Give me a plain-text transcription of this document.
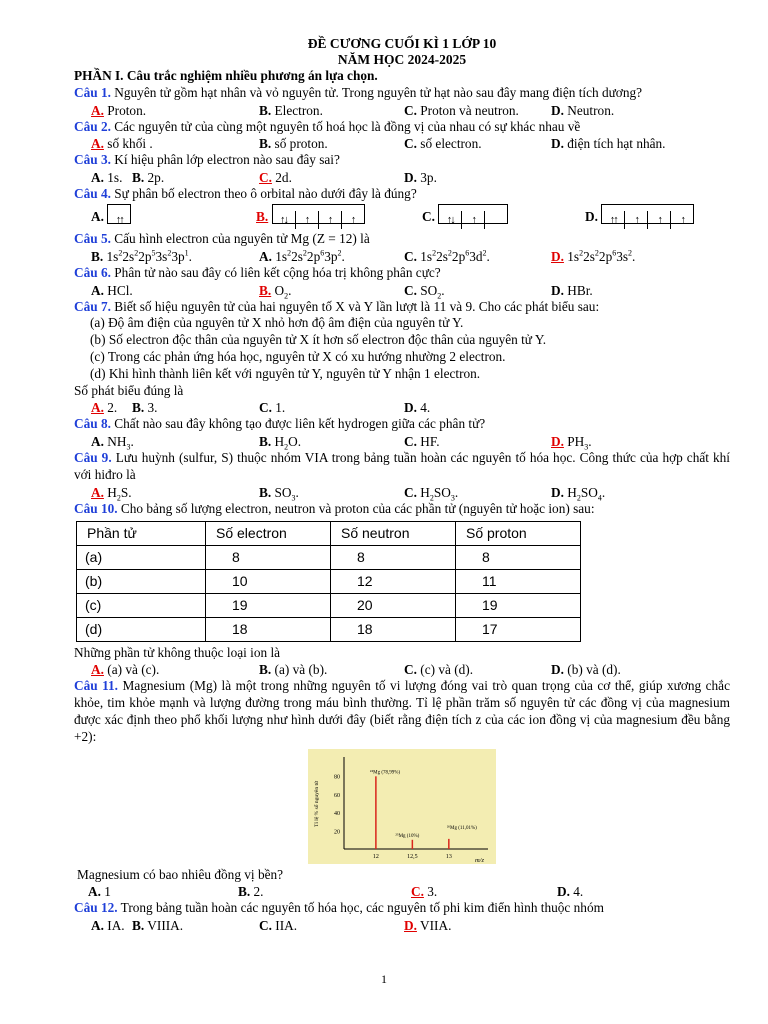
ĐỀ CƯƠNG CUỐI KÌ 1 LỚP 10
NĂM HỌC 2024-2025
PHẦN I. Câu trắc nghiệm nhiều phương án lựa chọn.
Câu 1. Nguyên tử gồm hạt nhân và vỏ nguyên tử. Trong nguyên tử hạt nào sau đây mang điện tích dương?
A. Proton.	B. Electron.	C. Proton và neutron. D. Neutron.
Câu 2. Các nguyên tử của cùng một nguyên tố hoá học là đồng vị của nhau có sự khác nhau về
A. số khối .	B. số proton.	C. số electron.	D. điện tích hạt nhân.
Câu 3. Kí hiệu phân lớp electron nào sau đây sai?
A. 1s. B. 2p.	C. 2d.	D. 3p.
Câu 4. Sự phân bố electron theo ô orbital nào dưới đây là đúng?
A. ↑↑	B. ↑↓ ↑ ↑ ↑	C. ↑↓ ↑	D. ↑↑ ↑ ↑ ↑
Câu 5. Cấu hình electron của nguyên tử Mg (Z = 12) là
B. $1s^22s^22p^53s^23p^1$.	A. $1s^22s^22p^63p^2$.	C. $1s^22s^22p^63d^2$.	D. $1s^22s^22p^63s^2$.
Câu 6. Phân tử nào sau đây có liên kết cộng hóa trị không phân cực?
A. HCl.	B. $O_2$.	C. $SO_2$.	D. HBr.
Câu 7. Biết số hiệu nguyên tử của hai nguyên tố X và Y lần lượt là 11 và 9. Cho các phát biểu sau:
(a) Độ âm điện của nguyên tử X nhỏ hơn độ âm điện của nguyên tử Y.
(b) Số electron độc thân của nguyên tử X ít hơn số electron độc thân của nguyên tử Y.
(c) Trong các phản ứng hóa học, nguyên tử X có xu hướng nhường 2 electron.
(d) Khi hình thành liên kết với nguyên tử Y, nguyên tử Y nhận 1 electron.
Số phát biểu đúng là
A. 2. B. 3.	C. 1.	D. 4.
Câu 8. Chất nào sau đây không tạo được liên kết hydrogen giữa các phân tử?
A. $NH_3$.	B. $H_2O$.	C. HF.	D. $PH_3$.
Câu 9. Lưu huỳnh (sulfur, S) thuộc nhóm VIA trong bảng tuần hoàn các nguyên tố hóa học. Công thức của hợp chất khí với hiđro là
A. $H_2S$.	B. $SO_3$.	C. $H_2SO_3$.	D. $H_2SO_4$.
Câu 10. Cho bảng số lượng electron, neutron và proton của các phần tử (nguyên tử hoặc ion) sau:
Phần tử	Số electron	Số neutron	Số proton
(a)	8	8	8
(b)	10	12	11
(c)	19	20	19
(d)	18	18	17
Những phần tử không thuộc loại ion là
A. (a) và (c).	B. (a) và (b).	C. (c) và (d).	D. (b) và (d).
Câu 11. Magnesium (Mg) là một trong những nguyên tố vi lượng đóng vai trò quan trọng của cơ thể, giúp xương chắc khỏe, tim khỏe mạnh và lượng đường trong máu bình thường. Tỉ lệ phần trăm số nguyên tử các đồng vị của magnesium được xác định theo phổ khối lượng như hình dưới đây (biết rằng điện tích z của các ion đồng vị của magnesium đều bằng +2):
20
40
60
80
Tỉ lệ % số nguyên tử
12	12,5	13
²⁴Mg (78,99%)
²⁵Mg (10%)
²⁶Mg (11,01%)
m/z
Magnesium có bao nhiêu đồng vị bền?
A. 1	B. 2.	C. 3.	D. 4.
Câu 12. Trong bảng tuần hoàn các nguyên tố hóa học, các nguyên tố phi kim điển hình thuộc nhóm
A. IA. B. VIIIA.	C. IIA.	D. VIIA.
1
